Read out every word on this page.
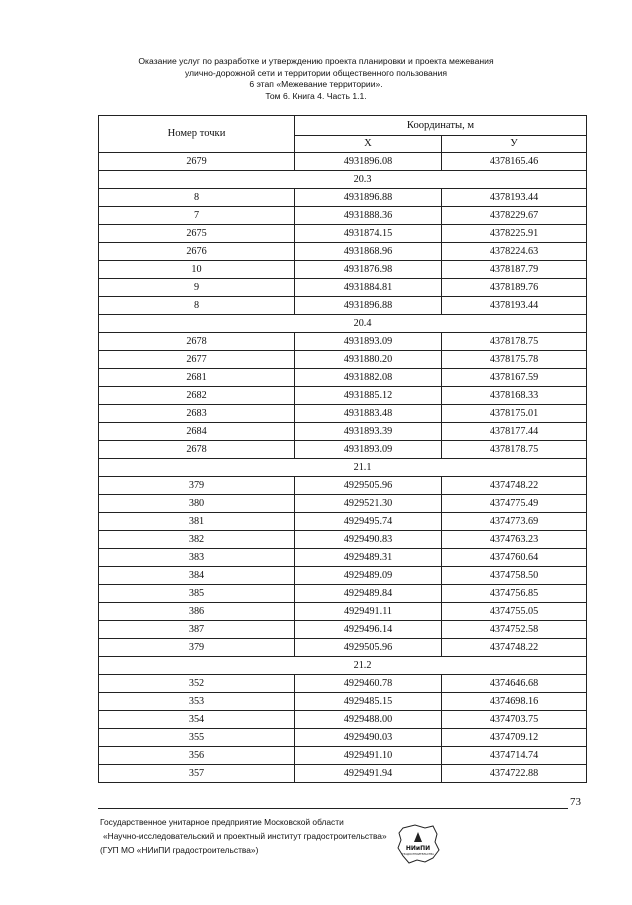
Оказание услуг по разработке и утверждению проекта планировки и проекта межевания
улично-дорожной сети и территории общественного пользования
6 этап «Межевание территории».
Том 6. Книга 4. Часть 1.1.
Номер точки	Координаты, м	
	X	У
2679	4931896.08	4378165.46
20.3		
8	4931896.88	4378193.44
7	4931888.36	4378229.67
2675	4931874.15	4378225.91
2676	4931868.96	4378224.63
10	4931876.98	4378187.79
9	4931884.81	4378189.76
8	4931896.88	4378193.44
20.4		
2678	4931893.09	4378178.75
2677	4931880.20	4378175.78
2681	4931882.08	4378167.59
2682	4931885.12	4378168.33
2683	4931883.48	4378175.01
2684	4931893.39	4378177.44
2678	4931893.09	4378178.75
21.1		
379	4929505.96	4374748.22
380	4929521.30	4374775.49
381	4929495.74	4374773.69
382	4929490.83	4374763.23
383	4929489.31	4374760.64
384	4929489.09	4374758.50
385	4929489.84	4374756.85
386	4929491.11	4374755.05
387	4929496.14	4374752.58
379	4929505.96	4374748.22
21.2		
352	4929460.78	4374646.68
353	4929485.15	4374698.16
354	4929488.00	4374703.75
355	4929490.03	4374709.12
356	4929491.10	4374714.74
357	4929491.94	4374722.88
73
Государственное унитарное предприятие Московской области
«Научно-исследовательский и проектный институт градостроительства»
(ГУП МО «НИиПИ градостроительства»)	НИиПИ
ГРАДОСТРОИТЕЛЬСТВА
